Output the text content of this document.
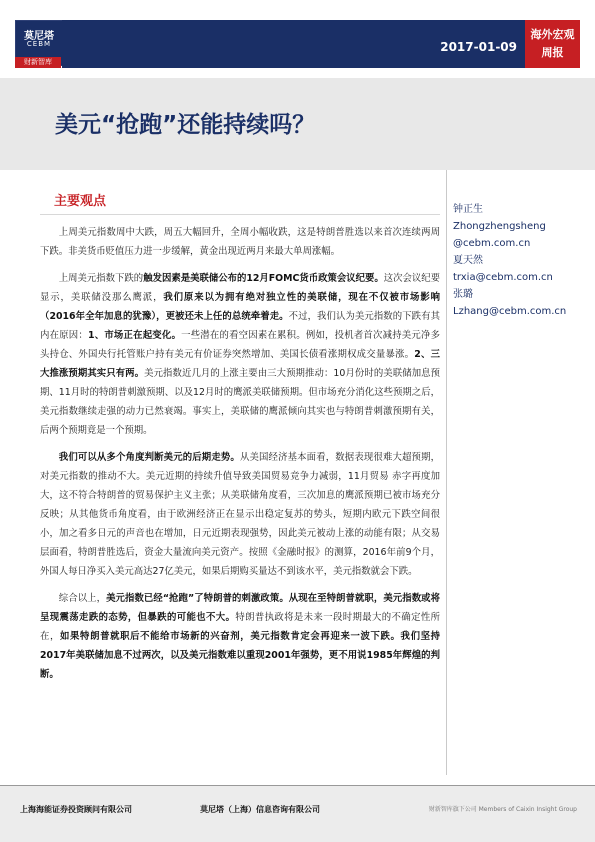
莫尼塔
CEBM
财新智库
2017-01-09
海外宏观
周报
美元“抢跑”还能持续吗？
主要观点

上周美元指数周中大跌，周五大幅回升，全周小幅收跌，这是特朗普胜选以来首次连续两周下跌。非美货币贬值压力进一步缓解，黄金出现近两月来最大单周涨幅。

上周美元指数下跌的触发因素是美联储公布的12月FOMC货币政策会议纪要。这次会议纪要显示，美联储没那么鹰派，我们原来以为拥有绝对独立性的美联储，现在不仅被市场影响（2016年全年加息的犹豫），更被还未上任的总统牵着走。不过，我们认为美元指数的下跌有其内在原因：1、市场正在起变化。一些潜在的看空因素在累积。例如，投机者首次减持美元净多头持仓、外国央行托管账户持有美元有价证券突然增加、美国长债看涨期权成交量暴涨。2、三大推涨预期其实只有两。美元指数近几月的上涨主要由三大预期推动：10月份时的美联储加息预期、11月时的特朗普刺激预期、以及12月时的鹰派美联储预期。但市场充分消化这些预期之后，美元指数继续走强的动力已然衰竭。事实上，美联储的鹰派倾向其实也与特朗普刺激预期有关，后两个预期竟是一个预期。

我们可以从多个角度判断美元的后期走势。从美国经济基本面看，数据表现很难大超预期，对美元指数的推动不大。美元近期的持续升值导致美国贸易竞争力减弱，11月贸易 赤字再度加大，这不符合特朗普的贸易保护主义主张；从美联储角度看，三次加息的鹰派预期已被市场充分反映；从其他货币角度看，由于欧洲经济正在显示出稳定复苏的势头，短期内欧元下跌空间很小，加之看多日元的声音也在增加，日元近期表现强势，因此美元被动上涨的动能有限；从交易层面看，特朗普胜选后，资金大量流向美元资产。按照《金融时报》的测算，2016年前9个月，外国人每日净买入美元高达27亿美元，如果后期购买量达不到该水平，美元指数就会下跌。

综合以上，美元指数已经“抢跑”了特朗普的刺激政策。从现在至特朗普就职，美元指数或将呈现震荡走跌的态势，但暴跌的可能也不大。特朗普执政将是未来一段时期最大的不确定性所在，如果特朗普就职后不能给市场新的兴奋剂，美元指数肯定会再迎来一波下跌。我们坚持2017年美联储加息不过两次，以及美元指数难以重现2001年强势，更不用说1985年辉煌的判断。

钟正生
Zhongzhengsheng
@cebm.com.cn
夏天然
trxia@cebm.com.cn
张璐
Lzhang@cebm.com.cn
上海海能证券投资顾问有限公司	莫尼塔（上海）信息咨询有限公司	财新智库旗下公司 Members of Caixin Insight Group
